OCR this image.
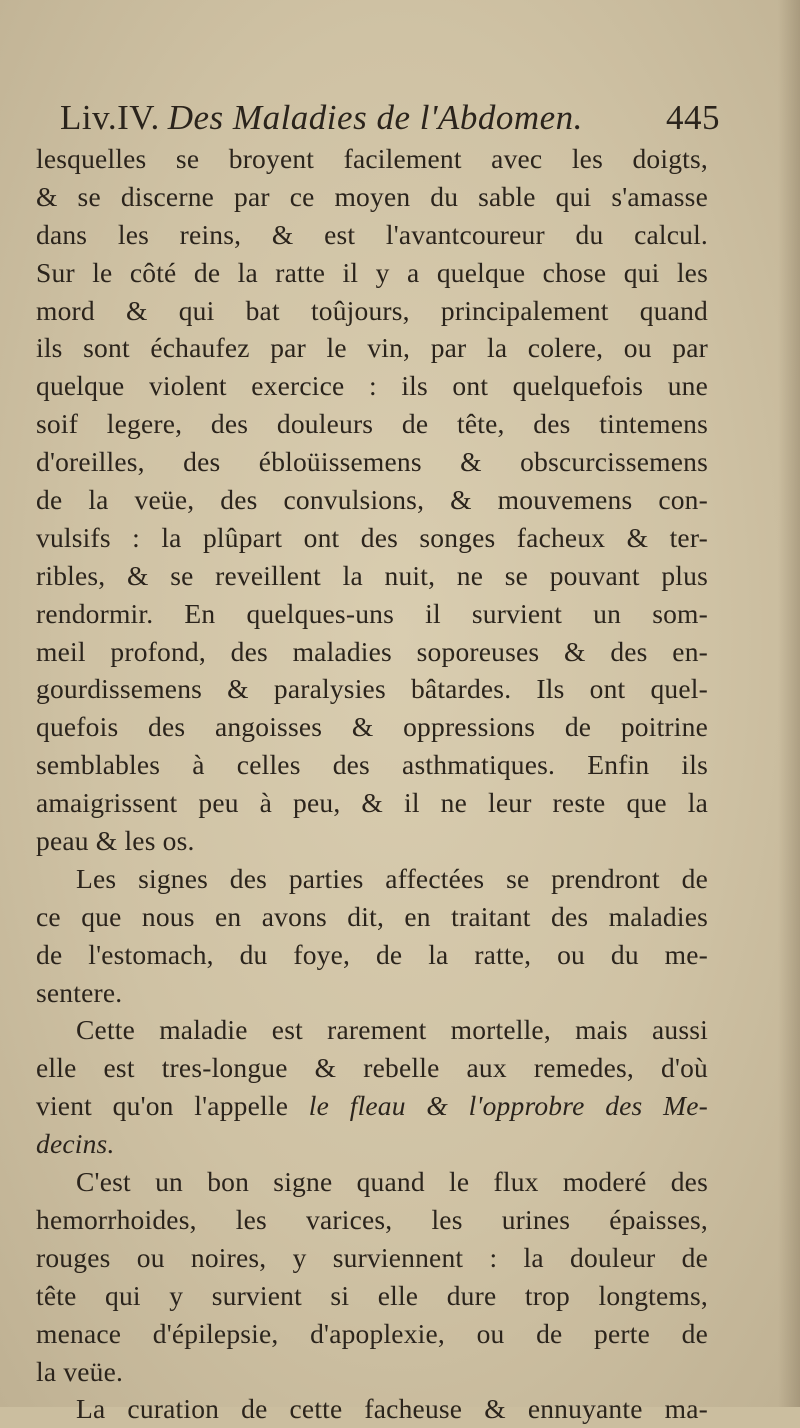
Liv.IV. Des Maladies de l'Abdomen. 445
lesquelles se broyent facilement avec les doigts,
& se discerne par ce moyen du sable qui s'amasse
dans les reins, & est l'avantcoureur du calcul.
Sur le côté de la ratte il y a quelque chose qui les
mord & qui bat toûjours, principalement quand
ils sont échaufez par le vin, par la colere, ou par
quelque violent exercice : ils ont quelquefois une
soif legere, des douleurs de tête, des tintemens
d'oreilles, des ébloüissemens & obscurcissemens
de la veüe, des convulsions, & mouvemens con-
vulsifs : la plûpart ont des songes facheux & ter-
ribles, & se reveillent la nuit, ne se pouvant plus
rendormir. En quelques-uns il survient un som-
meil profond, des maladies soporeuses & des en-
gourdissemens & paralysies bâtardes. Ils ont quel-
quefois des angoisses & oppressions de poitrine
semblables à celles des asthmatiques. Enfin ils
amaigrissent peu à peu, & il ne leur reste que la
peau & les os.
Les signes des parties affectées se prendront de
ce que nous en avons dit, en traitant des maladies
de l'estomach, du foye, de la ratte, ou du me-
sentere.
Cette maladie est rarement mortelle, mais aussi
elle est tres-longue & rebelle aux remedes, d'où
vient qu'on l'appelle le fleau & l'opprobre des Me-
decins.
C'est un bon signe quand le flux moderé des
hemorrhoides, les varices, les urines épaisses,
rouges ou noires, y surviennent : la douleur de
tête qui y survient si elle dure trop longtems,
menace d'épilepsie, d'apoplexie, ou de perte de
la veüe.
La curation de cette facheuse & ennuyante ma-
